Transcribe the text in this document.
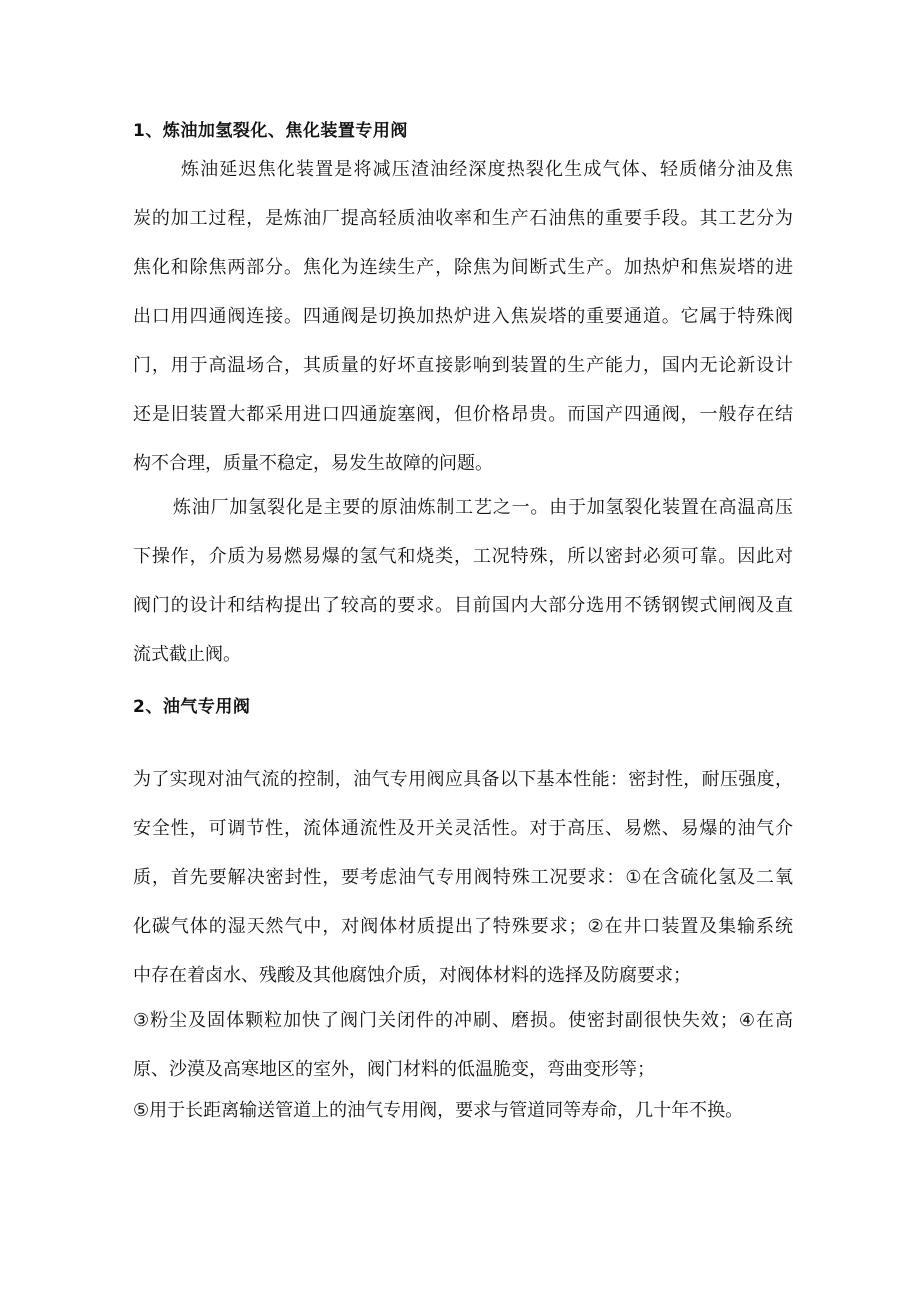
1、炼油加氢裂化、焦化装置专用阀
炼油延迟焦化装置是将减压渣油经深度热裂化生成气体、轻质储分油及焦
炭的加工过程，是炼油厂提高轻质油收率和生产石油焦的重要手段。其工艺分为
焦化和除焦两部分。焦化为连续生产，除焦为间断式生产。加热炉和焦炭塔的进
出口用四通阀连接。四通阀是切换加热炉进入焦炭塔的重要通道。它属于特殊阀
门，用于高温场合，其质量的好坏直接影响到装置的生产能力，国内无论新设计
还是旧装置大都采用进口四通旋塞阀，但价格昂贵。而国产四通阀，一般存在结
构不合理，质量不稳定，易发生故障的问题。
炼油厂加氢裂化是主要的原油炼制工艺之一。由于加氢裂化装置在高温高压
下操作，介质为易燃易爆的氢气和烧类，工况特殊，所以密封必须可靠。因此对
阀门的设计和结构提出了较高的要求。目前国内大部分选用不锈钢锲式闸阀及直
流式截止阀。
2、油气专用阀
为了实现对油气流的控制，油气专用阀应具备以下基本性能：密封性，耐压强度，
安全性，可调节性，流体通流性及开关灵活性。对于高压、易燃、易爆的油气介
质，首先要解决密封性，要考虑油气专用阀特殊工况要求：①在含硫化氢及二氧
化碳气体的湿天然气中，对阀体材质提出了特殊要求；②在井口装置及集输系统
中存在着卤水、残酸及其他腐蚀介质，对阀体材料的选择及防腐要求；
③粉尘及固体颗粒加快了阀门关闭件的冲刷、磨损。使密封副很快失效；④在高
原、沙漠及高寒地区的室外，阀门材料的低温脆变，弯曲变形等；
⑤用于长距离输送管道上的油气专用阀，要求与管道同等寿命，几十年不换。
